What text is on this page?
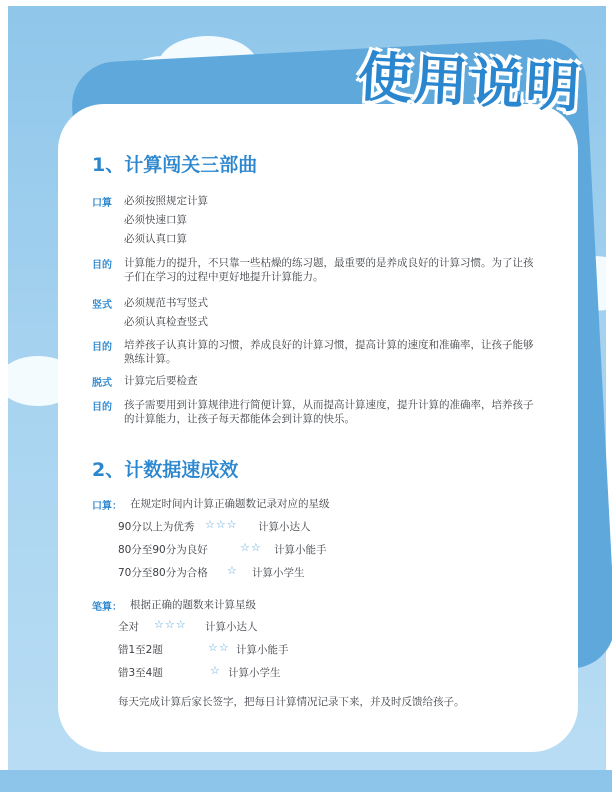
使用说明
1、计算闯关三部曲
口算 必须按照规定计算
必须快速口算
必须认真口算
目的 计算能力的提升，不只靠一些枯燥的练习题，最重要的是养成良好的计算习惯。为了让孩子们在学习的过程中更好地提升计算能力。
竖式 必须规范书写竖式
必须认真检查竖式
目的 培养孩子认真计算的习惯，养成良好的计算习惯，提高计算的速度和准确率，让孩子能够熟练计算。
脱式 计算完后要检查
目的 孩子需要用到计算规律进行简便计算，从而提高计算速度，提升计算的准确率，培养孩子的计算能力，让孩子每天都能体会到计算的快乐。
2、计数据速成效
口算： 在规定时间内计算正确题数记录对应的星级
90分以上为优秀 ☆☆☆ 计算小达人
80分至90分为良好	☆☆ 计算小能手
70分至80分为合格 ☆ 计算小学生
笔算： 根据正确的题数来计算星级
全对 ☆☆☆ 计算小达人
错1至2题	☆☆ 计算小能手
错3至4题	☆ 计算小学生
每天完成计算后家长签字，把每日计算情况记录下来，并及时反馈给孩子。
